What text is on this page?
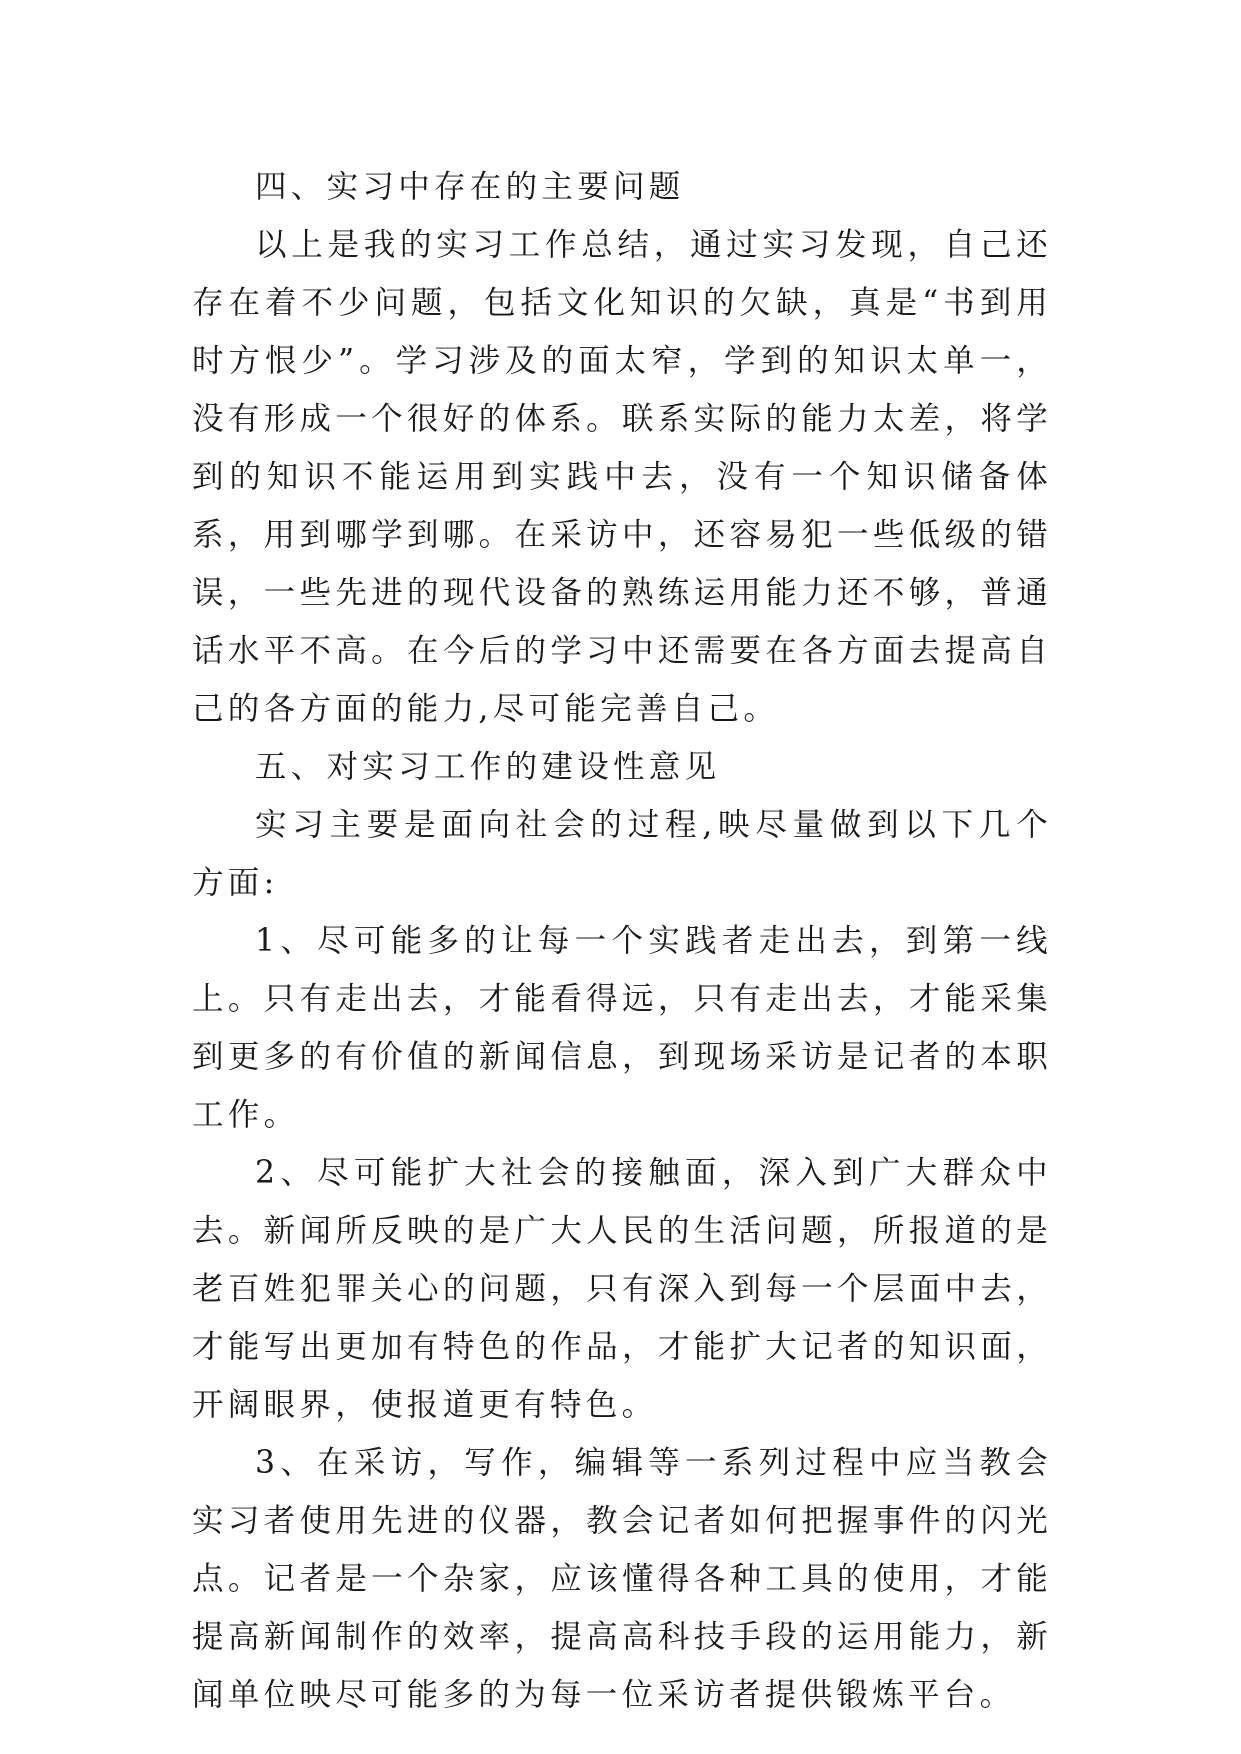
四、实习中存在的主要问题

以上是我的实习工作总结，通过实习发现，自己还存在着不少问题，包括文化知识的欠缺，真是“书到用时方恨少”。学习涉及的面太窄，学到的知识太单一，没有形成一个很好的体系。联系实际的能力太差，将学到的知识不能运用到实践中去，没有一个知识储备体系，用到哪学到哪。在采访中，还容易犯一些低级的错误，一些先进的现代设备的熟练运用能力还不够，普通话水平不高。在今后的学习中还需要在各方面去提高自己的各方面的能力,尽可能完善自己。

五、对实习工作的建设性意见

实习主要是面向社会的过程,映尽量做到以下几个方面:

1、尽可能多的让每一个实践者走出去，到第一线上。只有走出去，才能看得远，只有走出去，才能采集到更多的有价值的新闻信息，到现场采访是记者的本职工作。

2、尽可能扩大社会的接触面，深入到广大群众中去。新闻所反映的是广大人民的生活问题，所报道的是老百姓犯罪关心的问题，只有深入到每一个层面中去，才能写出更加有特色的作品，才能扩大记者的知识面，开阔眼界，使报道更有特色。

3、在采访，写作，编辑等一系列过程中应当教会实习者使用先进的仪器，教会记者如何把握事件的闪光点。记者是一个杂家，应该懂得各种工具的使用，才能提高新闻制作的效率，提高高科技手段的运用能力，新闻单位映尽可能多的为每一位采访者提供锻炼平台。
